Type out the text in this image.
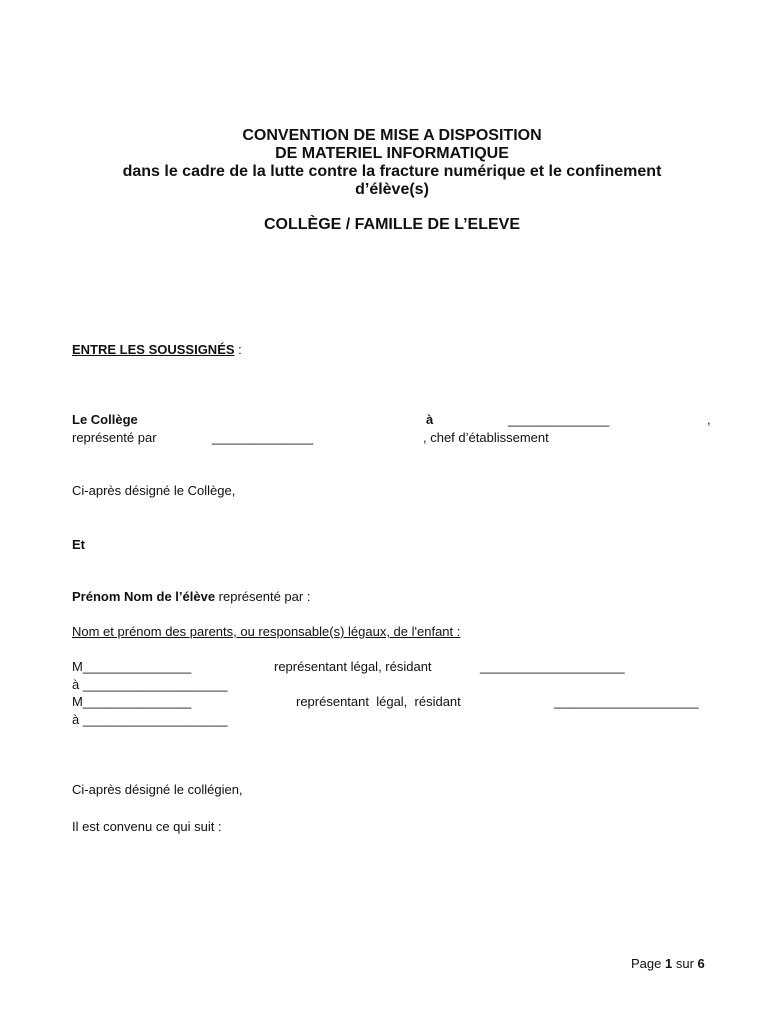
CONVENTION DE MISE A DISPOSITION
DE MATERIEL INFORMATIQUE
dans le cadre de la lutte contre la fracture numérique et le confinement
d’élève(s)
COLLÈGE / FAMILLE DE L’ELEVE
ENTRE LES SOUSSIGNÉS :
Le Collège	à	______________	,
représenté par	______________	, chef d’établissement
Ci-après désigné le Collège,
Et
Prénom Nom de l’élève représenté par :
Nom et prénom des parents, ou responsable(s) légaux, de l'enfant :
M_______________	représentant légal, résidant	____________________
à ____________________
M_______________	représentant  légal,  résidant	____________________
à ____________________
Ci-après désigné le collégien,
Il est convenu ce qui suit :
Page 1 sur 6
